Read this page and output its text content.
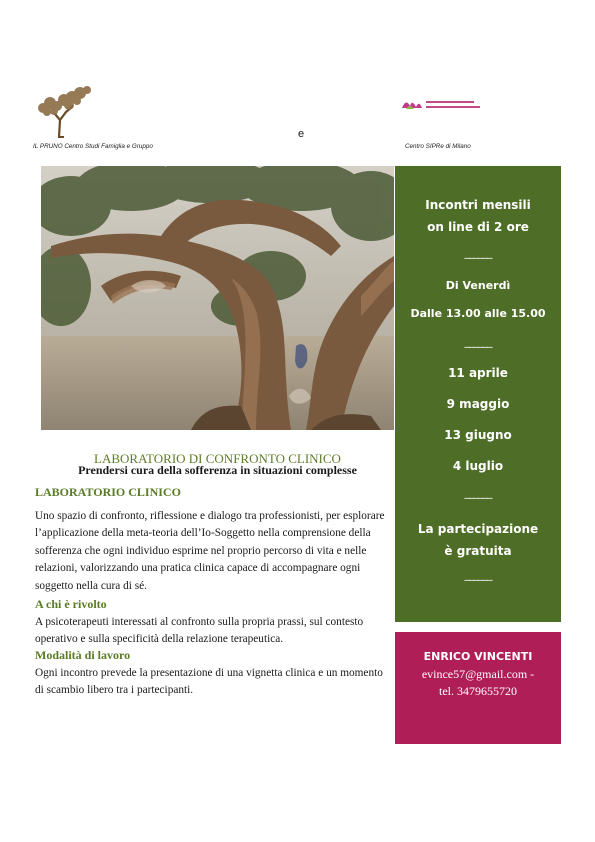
e
IL PRUNO Centro Studi Famiglia e Gruppo	Centro SIPRe di Milano
Incontri mensili
on line di 2 ore
______
Di Venerdì
Dalle 13.00 alle 15.00
______
11 aprile
9 maggio
13 giugno
4 luglio
______
La partecipazione
è gratuita
______
ENRICO VINCENTI
evince57@gmail.com -
tel. 3479655720
LABORATORIO DI CONFRONTO CLINICO
Prendersi cura della sofferenza in situazioni complesse
LABORATORIO CLINICO
Uno spazio di confronto, riflessione e dialogo tra professionisti, per esplorare l’applicazione della meta-teoria dell’Io-Soggetto nella comprensione della sofferenza che ogni individuo esprime nel proprio percorso di vita e nelle relazioni, valorizzando una pratica clinica capace di accompagnare ogni soggetto nella cura di sé.
A chi è rivolto
A psicoterapeuti interessati al confronto sulla propria prassi, sul contesto operativo e sulla specificità della relazione terapeutica.
Modalità di lavoro
Ogni incontro prevede la presentazione di una vignetta clinica e un momento di scambio libero tra i partecipanti.
